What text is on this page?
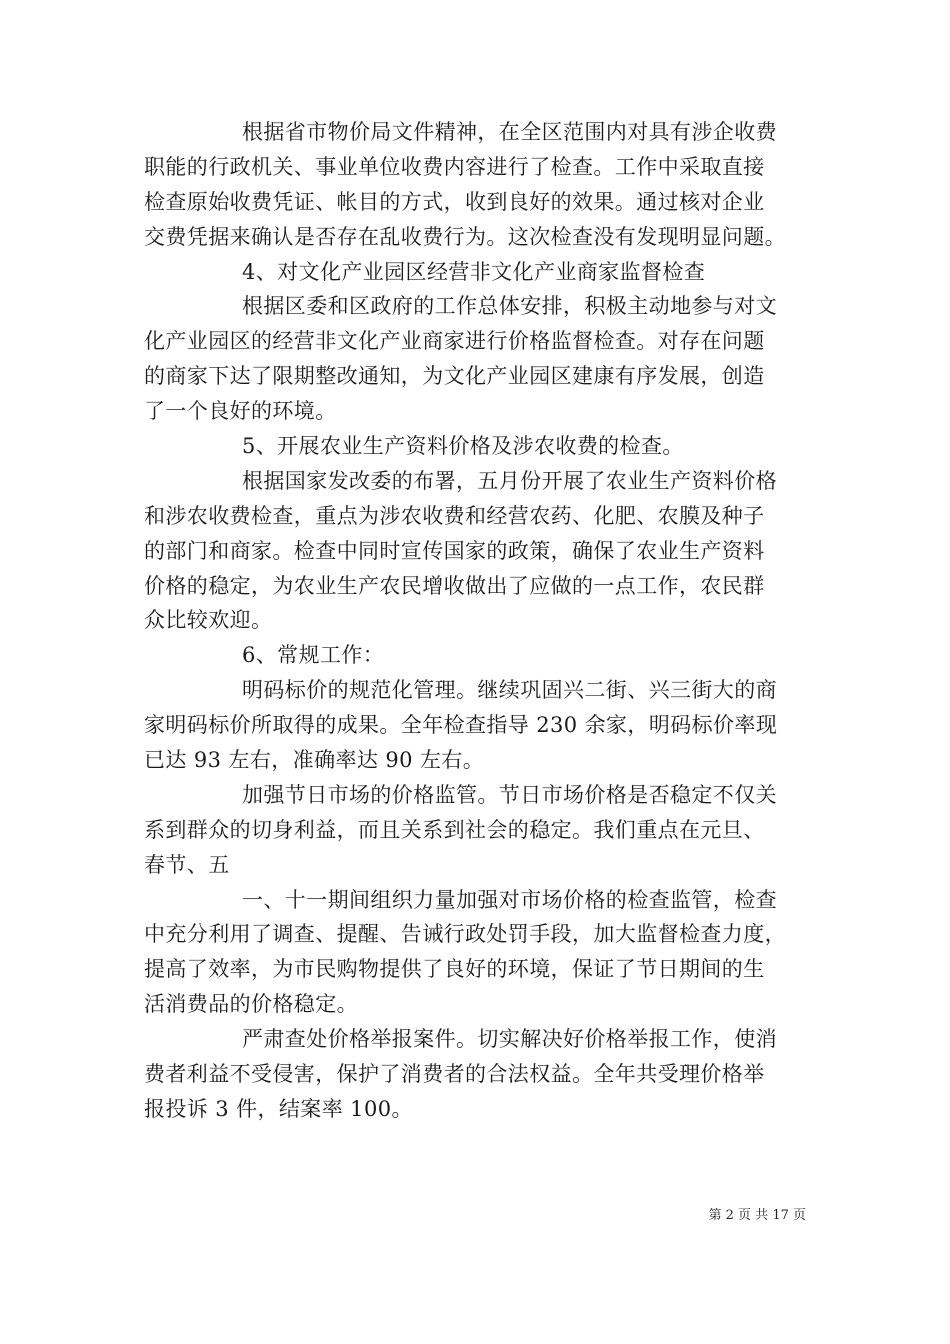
根据省市物价局文件精神，在全区范围内对具有涉企收费
职能的行政机关、事业单位收费内容进行了检查。工作中采取直接
检查原始收费凭证、帐目的方式，收到良好的效果。通过核对企业
交费凭据来确认是否存在乱收费行为。这次检查没有发现明显问题。
4、对文化产业园区经营非文化产业商家监督检查
根据区委和区政府的工作总体安排，积极主动地参与对文
化产业园区的经营非文化产业商家进行价格监督检查。对存在问题
的商家下达了限期整改通知，为文化产业园区建康有序发展，创造
了一个良好的环境。
5、开展农业生产资料价格及涉农收费的检查。
根据国家发改委的布署，五月份开展了农业生产资料价格
和涉农收费检查，重点为涉农收费和经营农药、化肥、农膜及种子
的部门和商家。检查中同时宣传国家的政策，确保了农业生产资料
价格的稳定，为农业生产农民增收做出了应做的一点工作，农民群
众比较欢迎。
6、常规工作：
明码标价的规范化管理。继续巩固兴二街、兴三街大的商
家明码标价所取得的成果。全年检查指导 230 余家，明码标价率现
已达 93 左右，准确率达 90 左右。
加强节日市场的价格监管。节日市场价格是否稳定不仅关
系到群众的切身利益，而且关系到社会的稳定。我们重点在元旦、
春节、五
一、十一期间组织力量加强对市场价格的检查监管，检查
中充分利用了调查、提醒、告诫行政处罚手段，加大监督检查力度，
提高了效率，为市民购物提供了良好的环境，保证了节日期间的生
活消费品的价格稳定。
严肃查处价格举报案件。切实解决好价格举报工作，使消
费者利益不受侵害，保护了消费者的合法权益。全年共受理价格举
报投诉 3 件，结案率 100。
第 2 页 共 17 页
